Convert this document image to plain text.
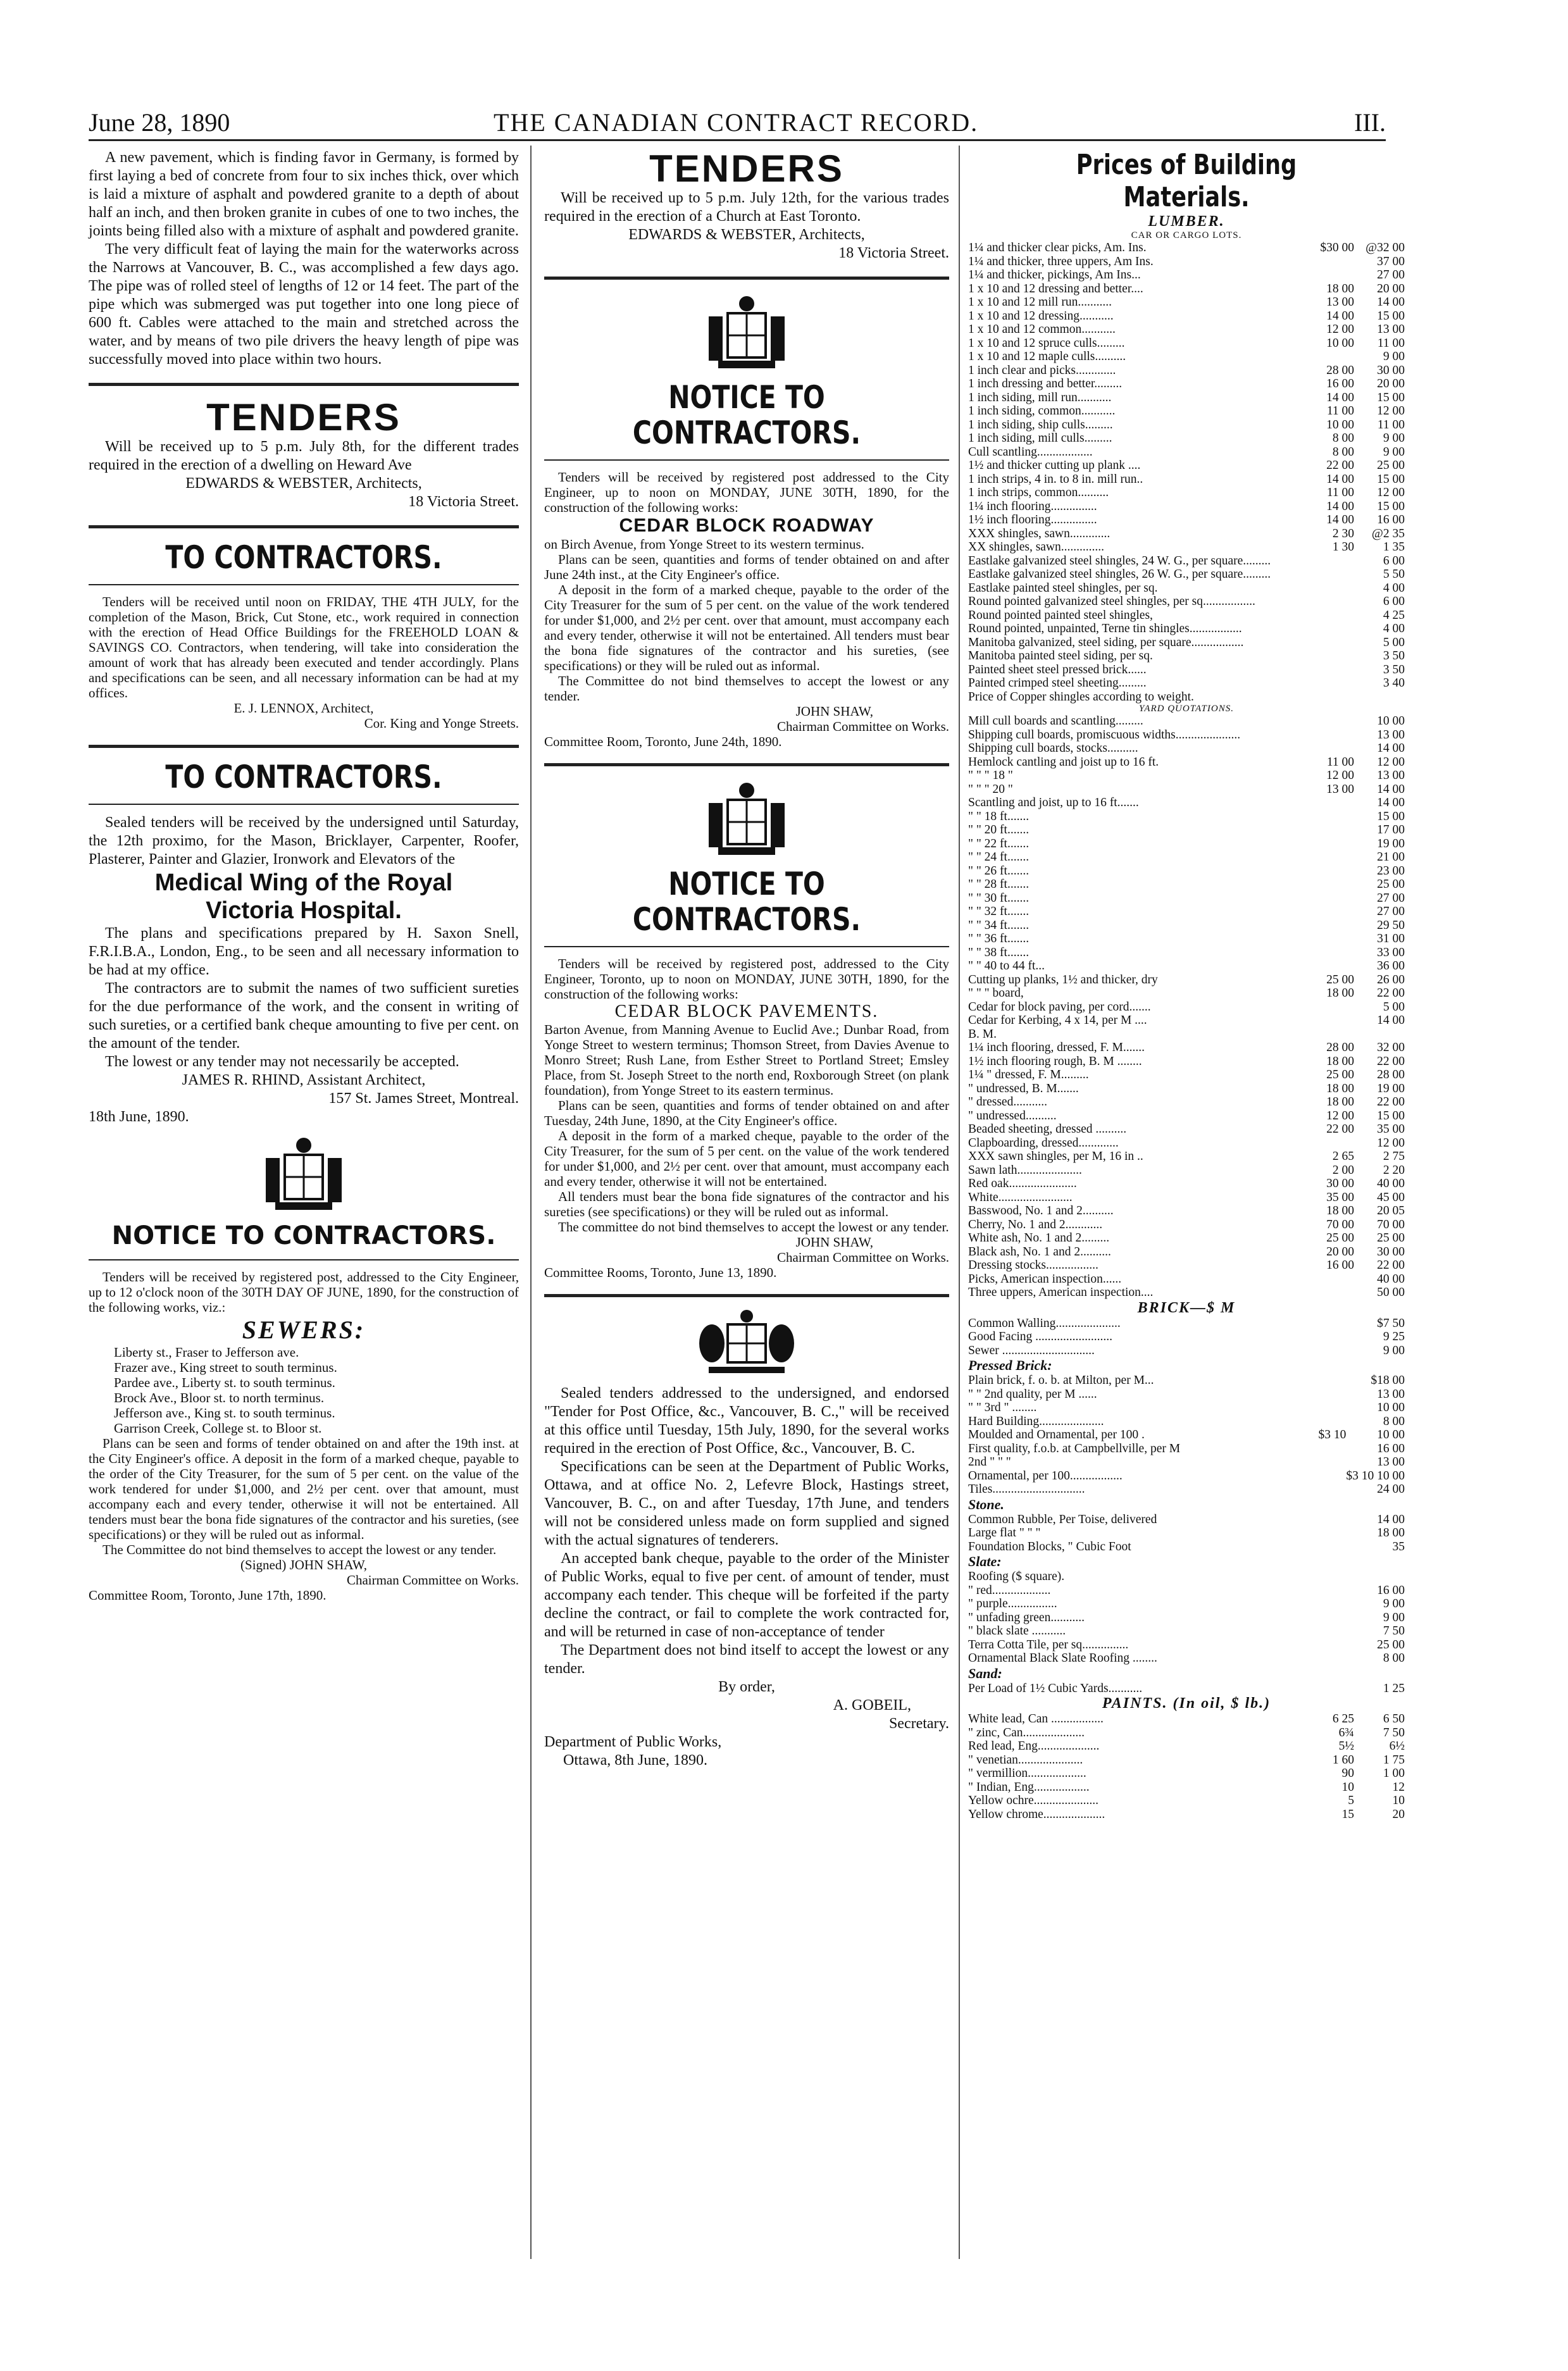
June 28, 1890	THE CANADIAN CONTRACT RECORD.	III.

A new pavement, which is finding favor in Germany, is formed by first laying a bed of concrete from four to six inches thick, over which is laid a mixture of asphalt and powdered granite to a depth of about half an inch, and then broken granite in cubes of one to two inches, the joints being filled also with a mixture of asphalt and powdered granite.

The very difficult feat of laying the main for the waterworks across the Narrows at Vancouver, B. C., was accomplished a few days ago. The pipe was of rolled steel of lengths of 12 or 14 feet. The part of the pipe which was submerged was put together into one long piece of 600 ft. Cables were attached to the main and stretched across the water, and by means of two pile drivers the heavy length of pipe was successfully moved into place within two hours.

TENDERS

Will be received up to 5 p.m. July 8th, for the different trades required in the erection of a dwelling on Heward Ave

EDWARDS & WEBSTER, Architects,

18 Victoria Street.

TO CONTRACTORS.

Tenders will be received until noon on FRIDAY, THE 4TH JULY, for the completion of the Mason, Brick, Cut Stone, etc., work required in connection with the erection of Head Office Buildings for the FREEHOLD LOAN & SAVINGS CO. Contractors, when tendering, will take into consideration the amount of work that has already been executed and tender accordingly. Plans and specifications can be seen, and all necessary information can be had at my offices.

E. J. LENNOX, Architect,

Cor. King and Yonge Streets.

TO CONTRACTORS.

Sealed tenders will be received by the undersigned until Saturday, the 12th proximo, for the Mason, Bricklayer, Carpenter, Roofer, Plasterer, Painter and Glazier, Ironwork and Elevators of the

Medical Wing of the Royal
Victoria Hospital.

The plans and specifications prepared by H. Saxon Snell, F.R.I.B.A., London, Eng., to be seen and all necessary information to be had at my office.

The contractors are to submit the names of two sufficient sureties for the due performance of the work, and the consent in writing of such sureties, or a certified bank cheque amounting to five per cent. on the amount of the tender.

The lowest or any tender may not necessarily be accepted.

JAMES R. RHIND, Assistant Architect,

157 St. James Street, Montreal.

18th June, 1890.

NOTICE TO CONTRACTORS.

Tenders will be received by registered post, addressed to the City Engineer, up to 12 o'clock noon of the 30TH DAY OF JUNE, 1890, for the construction of the following works, viz.:

SEWERS:
Liberty st., Fraser to Jefferson ave.
Frazer ave., King street to south terminus.
Pardee ave., Liberty st. to south terminus.
Brock Ave., Bloor st. to north terminus.
Jefferson ave., King st. to south terminus.
Garrison Creek, College st. to Bloor st.

Plans can be seen and forms of tender obtained on and after the 19th inst. at the City Engineer's office. A deposit in the form of a marked cheque, payable to the order of the City Treasurer, for the sum of 5 per cent. on the value of the work tendered for under $1,000, and 2½ per cent. over that amount, must accompany each and every tender, otherwise it will not be entertained. All tenders must bear the bona fide signatures of the contractor and his sureties, (see specifications) or they will be ruled out as informal.

The Committee do not bind themselves to accept the lowest or any tender.

(Signed) JOHN SHAW,

Chairman Committee on Works.

Committee Room, Toronto, June 17th, 1890.

TENDERS

Will be received up to 5 p.m. July 12th, for the various trades required in the erection of a Church at East Toronto.

EDWARDS & WEBSTER, Architects,

18 Victoria Street.

NOTICE TO CONTRACTORS.

Tenders will be received by registered post addressed to the City Engineer, up to noon on MONDAY, JUNE 30TH, 1890, for the construction of the following works:

CEDAR BLOCK ROADWAY

on Birch Avenue, from Yonge Street to its western terminus.

Plans can be seen, quantities and forms of tender obtained on and after June 24th inst., at the City Engineer's office.

A deposit in the form of a marked cheque, payable to the order of the City Treasurer for the sum of 5 per cent. on the value of the work tendered for under $1,000, and 2½ per cent. over that amount, must accompany each and every tender, otherwise it will not be entertained. All tenders must bear the bona fide signatures of the contractor and his sureties, (see specifications) or they will be ruled out as informal.

The Committee do not bind themselves to accept the lowest or any tender.

JOHN SHAW,

Chairman Committee on Works.

Committee Room, Toronto, June 24th, 1890.

NOTICE TO CONTRACTORS.

Tenders will be received by registered post, addressed to the City Engineer, Toronto, up to noon on MONDAY, JUNE 30TH, 1890, for the construction of the following works:

CEDAR BLOCK PAVEMENTS.

Barton Avenue, from Manning Avenue to Euclid Ave.; Dunbar Road, from Yonge Street to western terminus; Thomson Street, from Davies Avenue to Monro Street; Rush Lane, from Esther Street to Portland Street; Emsley Place, from St. Joseph Street to the north end, Roxborough Street (on plank foundation), from Yonge Street to its eastern terminus.

Plans can be seen, quantities and forms of tender obtained on and after Tuesday, 24th June, 1890, at the City Engineer's office.

A deposit in the form of a marked cheque, payable to the order of the City Treasurer, for the sum of 5 per cent. on the value of the work tendered for under $1,000, and 2½ per cent. over that amount, must accompany each and every tender, otherwise it will not be entertained.

All tenders must bear the bona fide signatures of the contractor and his sureties (see specifications) or they will be ruled out as informal.

The committee do not bind themselves to accept the lowest or any tender.

JOHN SHAW,

Chairman Committee on Works.

Committee Rooms, Toronto, June 13, 1890.

Sealed tenders addressed to the undersigned, and endorsed "Tender for Post Office, &c., Vancouver, B. C.," will be received at this office until Tuesday, 15th July, 1890, for the several works required in the erection of Post Office, &c., Vancouver, B. C.

Specifications can be seen at the Department of Public Works, Ottawa, and at office No. 2, Lefevre Block, Hastings street, Vancouver, B. C., on and after Tuesday, 17th June, and tenders will not be considered unless made on form supplied and signed with the actual signatures of tenderers.

An accepted bank cheque, payable to the order of the Minister of Public Works, equal to five per cent. of amount of tender, must accompany each tender. This cheque will be forfeited if the party decline the contract, or fail to complete the work contracted for, and will be returned in case of non-acceptance of tender

The Department does not bind itself to accept the lowest or any tender.

By order,

A. GOBEIL,

Secretary.

Department of Public Works,

Ottawa, 8th June, 1890.

Prices of Building Materials.
LUMBER.
CAR OR CARGO LOTS.
1¼ and thicker clear picks, Am. Ins.	$30 00	@32 00
1¼ and thicker, three uppers, Am Ins.		37 00
1¼ and thicker, pickings, Am Ins...		27 00
1 x 10 and 12 dressing and better....	18 00	20 00
1 x 10 and 12 mill run...........	13 00	14 00
1 x 10 and 12 dressing...........	14 00	15 00
1 x 10 and 12 common...........	12 00	13 00
1 x 10 and 12 spruce culls.........	10 00	11 00
1 x 10 and 12 maple culls..........		9 00
1 inch clear and picks.............	28 00	30 00
1 inch dressing and better.........	16 00	20 00
1 inch siding, mill run...........	14 00	15 00
1 inch siding, common...........	11 00	12 00
1 inch siding, ship culls.........	10 00	11 00
1 inch siding, mill culls.........	8 00	9 00
Cull scantling..................	8 00	9 00
1½ and thicker cutting up plank ....	22 00	25 00
1 inch strips, 4 in. to 8 in. mill run..	14 00	15 00
1 inch strips, common..........	11 00	12 00
1¼ inch flooring...............	14 00	15 00
1½ inch flooring...............	14 00	16 00
XXX shingles, sawn.............	2 30	@2 35
XX shingles, sawn..............	1 30	1 35
Eastlake galvanized steel shingles, 24 W. G., per square.........		6 00
Eastlake galvanized steel shingles, 26 W. G., per square.........		5 50
Eastlake painted steel shingles, per sq.		4 00
Round pointed galvanized steel shingles, per sq.................		6 00
Round pointed painted steel shingles,		4 25
Round pointed, unpainted, Terne tin shingles.................		4 00
Manitoba galvanized, steel siding, per square.................		5 00
Manitoba painted steel siding, per sq.		3 50
Painted sheet steel pressed brick......		3 50
Painted crimped steel sheeting.........		3 40
Price of Copper shingles according to weight.		
YARD QUOTATIONS.
Mill cull boards and scantling.........		10 00
Shipping cull boards, promiscuous widths.....................		13 00
Shipping cull boards, stocks..........		14 00
Hemlock cantling and joist up to 16 ft.	11 00	12 00
" " " 18 "	12 00	13 00
" " " 20 "	13 00	14 00
Scantling and joist, up to 16 ft.......		14 00
" " 18 ft.......		15 00
" " 20 ft.......		17 00
" " 22 ft.......		19 00
" " 24 ft.......		21 00
" " 26 ft.......		23 00
" " 28 ft.......		25 00
" " 30 ft.......		27 00
" " 32 ft.......		27 00
" " 34 ft.......		29 50
" " 36 ft.......		31 00
" " 38 ft.......		33 00
" " 40 to 44 ft...		36 00
Cutting up planks, 1½ and thicker, dry	25 00	26 00
" " " board,	18 00	22 00
Cedar for block paving, per cord.......		5 00
Cedar for Kerbing, 4 x 14, per M ....		14 00
B. M.		
1¼ inch flooring, dressed, F. M.......	28 00	32 00
1½ inch flooring rough, B. M ........	18 00	22 00
1¼ " dressed, F. M.........	25 00	28 00
" undressed, B. M.......	18 00	19 00
" dressed...........	18 00	22 00
" undressed..........	12 00	15 00
Beaded sheeting, dressed ..........	22 00	35 00
Clapboarding, dressed.............		12 00
XXX sawn shingles, per M, 16 in ..	2 65	2 75
Sawn lath.....................	2 00	2 20
Red oak......................	30 00	40 00
White........................	35 00	45 00
Basswood, No. 1 and 2..........	18 00	20 05
Cherry, No. 1 and 2............	70 00	70 00
White ash, No. 1 and 2.........	25 00	25 00
Black ash, No. 1 and 2..........	20 00	30 00
Dressing stocks.................	16 00	22 00
Picks, American inspection......		40 00
Three uppers, American inspection....		50 00
BRICK—$ M
Common Walling.....................		$7 50
Good Facing .........................		9 25
Sewer ..............................		9 00
Pressed Brick:
Plain brick, f. o. b. at Milton, per M...		$18 00
" " 2nd quality, per M ......		13 00
" " 3rd " ........		10 00
Hard Building.....................		8 00
Moulded and Ornamental, per 100 .	$3 10	10 00
First quality, f.o.b. at Campbellville, per M		16 00
2nd " " "		13 00
Ornamental, per 100.................		$3 10 10 00
Tiles..............................		24 00
Stone.
Common Rubble, Per Toise, delivered		14 00
Large flat " " "		18 00
Foundation Blocks, " Cubic Foot		35
Slate:
Roofing ($ square).		
" red...................		16 00
" purple................		9 00
" unfading green...........		9 00
" black slate ...........		7 50
Terra Cotta Tile, per sq...............		25 00
Ornamental Black Slate Roofing ........		8 00
Sand:
Per Load of 1½ Cubic Yards...........		1 25
PAINTS. (In oil, $ lb.)
White lead, Can .................	6 25	6 50
" zinc, Can....................	6¾	7 50
Red lead, Eng....................	5½	6½
" venetian.....................	1 60	1 75
" vermillion...................	90	1 00
" Indian, Eng..................	10	12
Yellow ochre.....................	5	10
Yellow chrome....................	15	20
